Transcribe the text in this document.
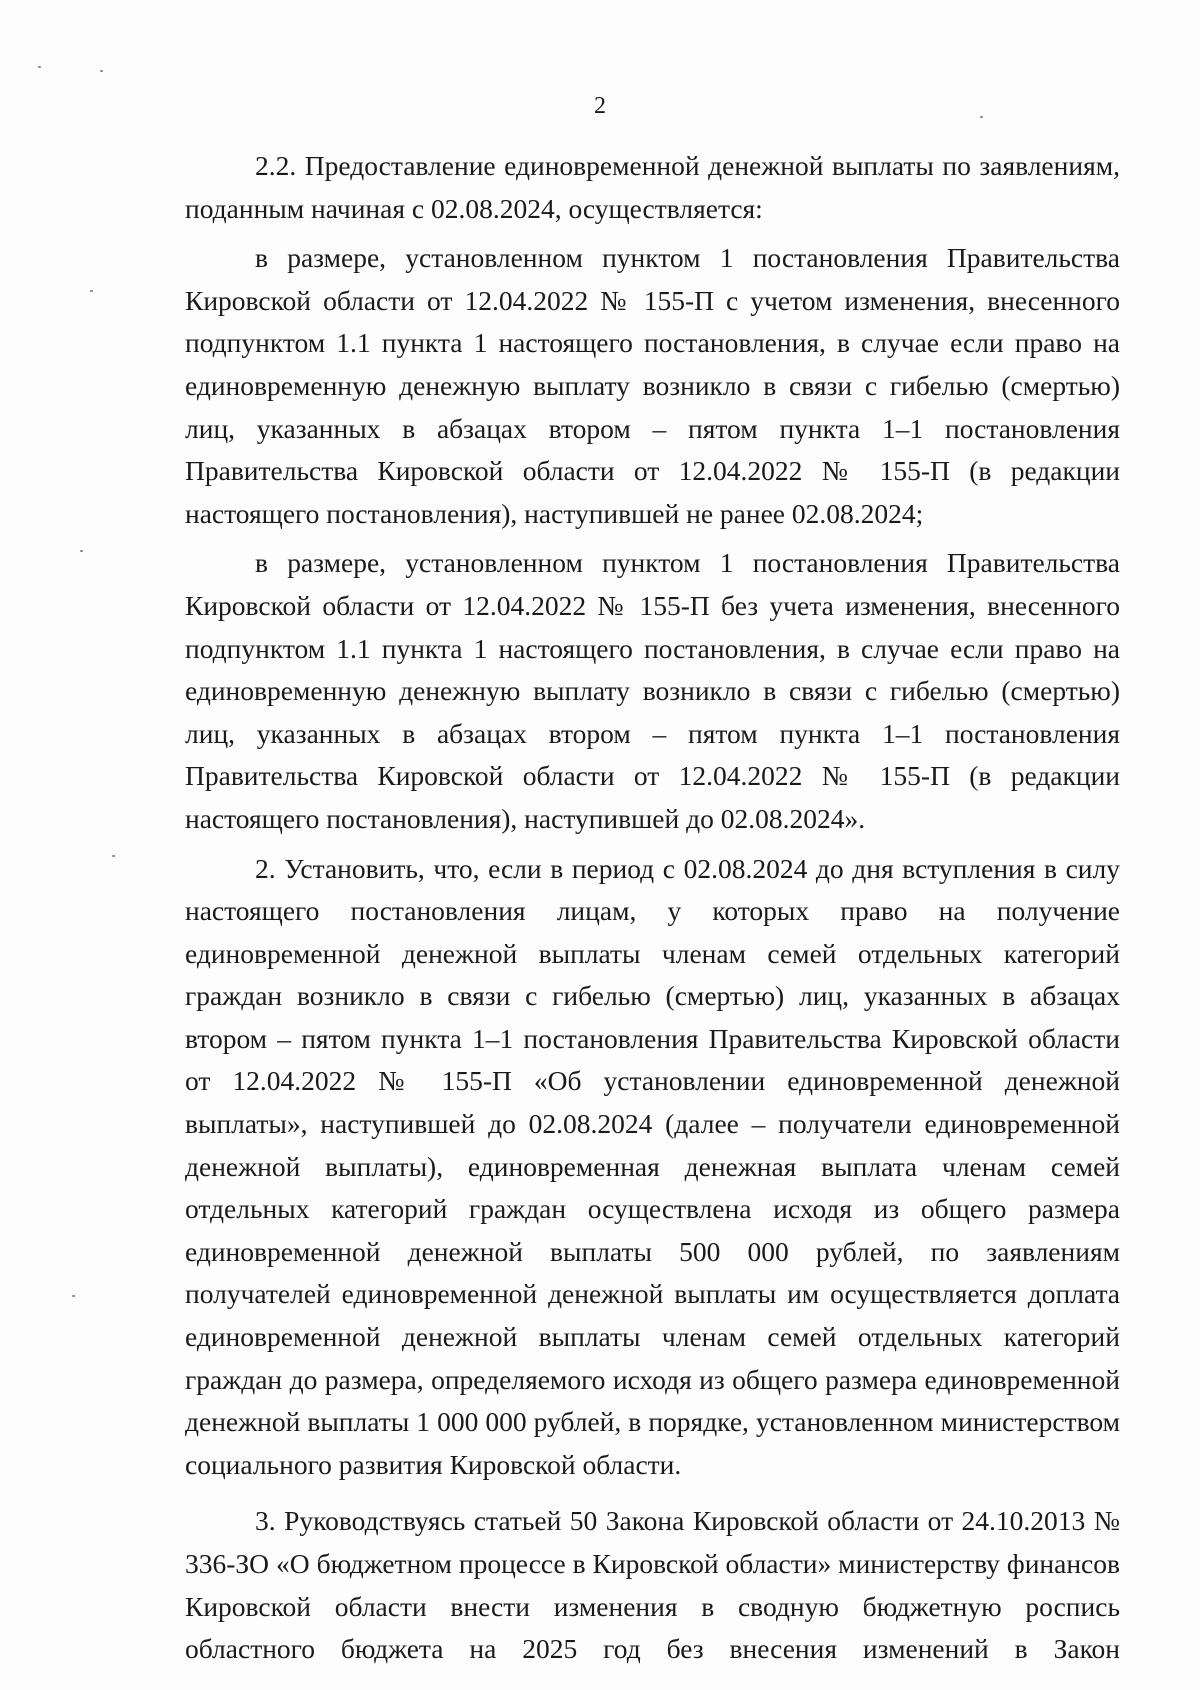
2

2.2. Предоставление единовременной денежной выплаты по заявлениям, поданным начиная с 02.08.2024, осуществляется:

в размере, установленном пунктом 1 постановления Правительства Кировской области от 12.04.2022 № 155-П с учетом изменения, внесенного подпунктом 1.1 пункта 1 настоящего постановления, в случае если право на единовременную денежную выплату возникло в связи с гибелью (смертью) лиц, указанных в абзацах втором – пятом пункта 1–1 постановления Правительства Кировской области от 12.04.2022 № 155-П (в редакции настоящего постановления), наступившей не ранее 02.08.2024;

в размере, установленном пунктом 1 постановления Правительства Кировской области от 12.04.2022 № 155-П без учета изменения, внесенного подпунктом 1.1 пункта 1 настоящего постановления, в случае если право на единовременную денежную выплату возникло в связи с гибелью (смертью) лиц, указанных в абзацах втором – пятом пункта 1–1 постановления Правительства Кировской области от 12.04.2022 № 155-П (в редакции настоящего постановления), наступившей до 02.08.2024».

2. Установить, что, если в период с 02.08.2024 до дня вступления в силу настоящего постановления лицам, у которых право на получение единовременной денежной выплаты членам семей отдельных категорий граждан возникло в связи с гибелью (смертью) лиц, указанных в абзацах втором – пятом пункта 1–1 постановления Правительства Кировской области от 12.04.2022 № 155-П «Об установлении единовременной денежной выплаты», наступившей до 02.08.2024 (далее – получатели единовременной денежной выплаты), единовременная денежная выплата членам семей отдельных категорий граждан осуществлена исходя из общего размера единовременной денежной выплаты 500 000 рублей, по заявлениям получателей единовременной денежной выплаты им осуществляется доплата единовременной денежной выплаты членам семей отдельных категорий граждан до размера, определяемого исходя из общего размера единовременной денежной выплаты 1 000 000 рублей, в порядке, установленном министерством социального развития Кировской области.

3. Руководствуясь статьей 50 Закона Кировской области от 24.10.2013 № 336-ЗО «О бюджетном процессе в Кировской области» министерству финансов Кировской области внести изменения в сводную бюджетную роспись областного бюджета на 2025 год без внесения изменений в Закон
